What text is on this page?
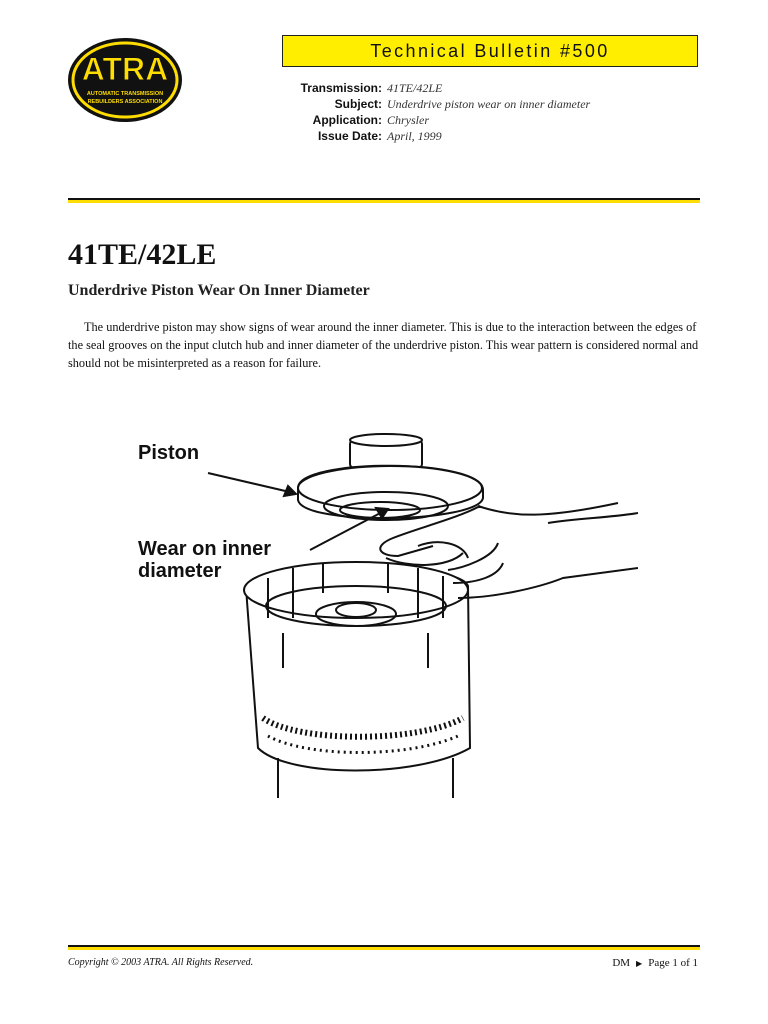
ATRA
AUTOMATIC TRANSMISSION
REBUILDERS ASSOCIATION
Technical Bulletin #500
Transmission: 41TE/42LE
Subject: Underdrive piston wear on inner diameter
Application: Chrysler
Issue Date: April, 1999
41TE/42LE
Underdrive Piston Wear On Inner Diameter

The underdrive piston may show signs of wear around the inner diameter. This is due to the interaction between the edges of the seal grooves on the input clutch hub and inner diameter of the underdrive piston. This wear pattern is considered normal and should not be misinterpreted as a reason for failure.

Piston
Wear on inner
diameter
Copyright © 2003 ATRA. All Rights Reserved.	DM ▶ Page 1 of 1
